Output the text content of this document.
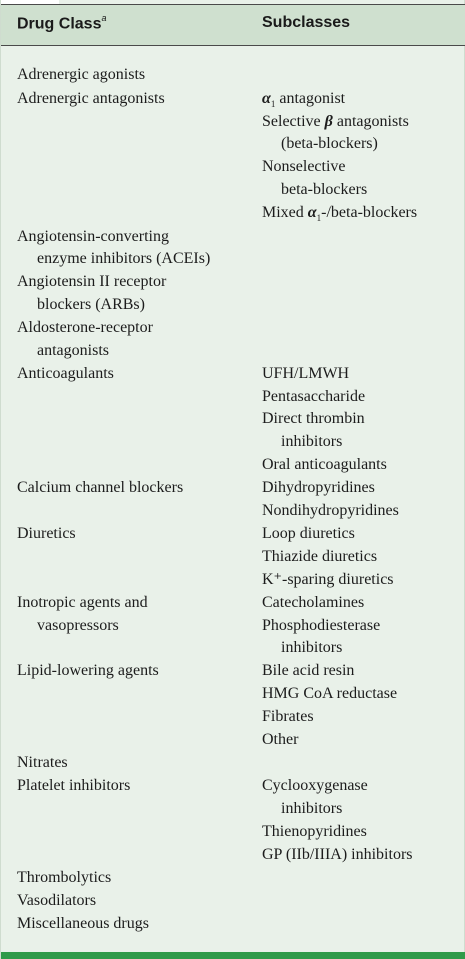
Drug Class$^a$	Subclasses
Adrenergic agonists
Adrenergic antagonists
Angiotensin-converting
enzyme inhibitors (ACEIs)
Angiotensin II receptor
blockers (ARBs)
Aldosterone-receptor
antagonists
Anticoagulants
Calcium channel blockers
Diuretics
Inotropic agents and
vasopressors
Lipid-lowering agents
Nitrates
Platelet inhibitors
Thrombolytics
Vasodilators
Miscellaneous drugs
$\alpha_1$ antagonist
Selective β antagonists
(beta-blockers)
Nonselective
beta-blockers
Mixed $\alpha_1-/beta$-blockers
UFH/LMWH
Pentasaccharide
Direct thrombin
inhibitors
Oral anticoagulants
Dihydropyridines
Nondihydropyridines
Loop diuretics
Thiazide diuretics
K⁺-sparing diuretics
Catecholamines
Phosphodiesterase
inhibitors
Bile acid resin
HMG CoA reductase
Fibrates
Other
Cyclooxygenase
inhibitors
Thienopyridines
GP (IIb/IIIA) inhibitors
